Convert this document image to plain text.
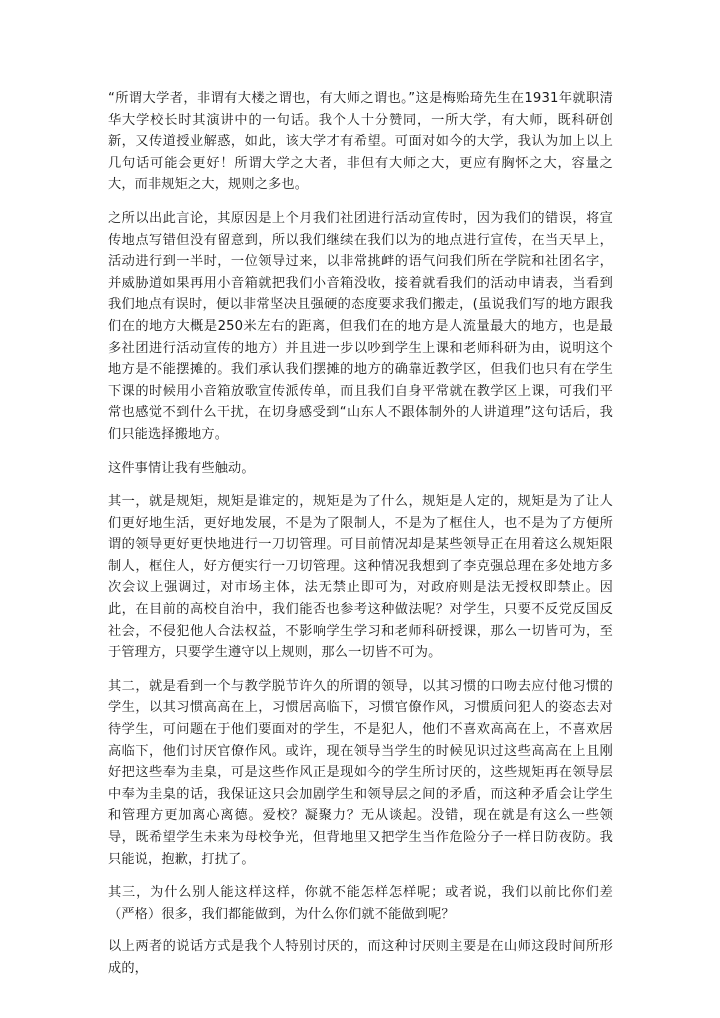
“所谓大学者，非谓有大楼之谓也，有大师之谓也。”这是梅贻琦先生在1931年就职清华大学校长时其演讲中的一句话。我个人十分赞同，一所大学，有大师，既科研创新，又传道授业解惑，如此，该大学才有希望。可面对如今的大学，我认为加上以上几句话可能会更好！所谓大学之大者，非但有大师之大，更应有胸怀之大，容量之大，而非规矩之大，规则之多也。

之所以出此言论，其原因是上个月我们社团进行活动宣传时，因为我们的错误，将宣传地点写错但没有留意到，所以我们继续在我们以为的地点进行宣传，在当天早上，活动进行到一半时，一位领导过来，以非常挑衅的语气问我们所在学院和社团名字，并威胁道如果再用小音箱就把我们小音箱没收，接着就看我们的活动申请表，当看到我们地点有误时，便以非常坚决且强硬的态度要求我们搬走，(虽说我们写的地方跟我们在的地方大概是250米左右的距离，但我们在的地方是人流量最大的地方，也是最多社团进行活动宣传的地方）并且进一步以吵到学生上课和老师科研为由，说明这个地方是不能摆摊的。我们承认我们摆摊的地方的确靠近教学区，但我们也只有在学生下课的时候用小音箱放歌宣传派传单，而且我们自身平常就在教学区上课，可我们平常也感觉不到什么干扰，在切身感受到“山东人不跟体制外的人讲道理”这句话后，我们只能选择搬地方。

这件事情让我有些触动。

其一，就是规矩，规矩是谁定的，规矩是为了什么，规矩是人定的，规矩是为了让人们更好地生活，更好地发展，不是为了限制人，不是为了框住人，也不是为了方便所谓的领导更好更快地进行一刀切管理。可目前情况却是某些领导正在用着这么规矩限制人，框住人，好方便实行一刀切管理。这种情况我想到了李克强总理在多处地方多次会议上强调过，对市场主体，法无禁止即可为，对政府则是法无授权即禁止。因此，在目前的高校自治中，我们能否也参考这种做法呢？对学生，只要不反党反国反社会，不侵犯他人合法权益，不影响学生学习和老师科研授课，那么一切皆可为，至于管理方，只要学生遵守以上规则，那么一切皆不可为。

其二，就是看到一个与教学脱节许久的所谓的领导，以其习惯的口吻去应付他习惯的学生，以其习惯高高在上，习惯居高临下，习惯官僚作风，习惯质问犯人的姿态去对待学生，可问题在于他们要面对的学生，不是犯人，他们不喜欢高高在上，不喜欢居高临下，他们讨厌官僚作风。或许，现在领导当学生的时候见识过这些高高在上且刚好把这些奉为圭臬，可是这些作风正是现如今的学生所讨厌的，这些规矩再在领导层中奉为圭臬的话，我保证这只会加剧学生和领导层之间的矛盾，而这种矛盾会让学生和管理方更加离心离德。爱校？凝聚力？无从谈起。没错，现在就是有这么一些领导，既希望学生未来为母校争光，但背地里又把学生当作危险分子一样日防夜防。我只能说，抱歉，打扰了。

其三，为什么别人能这样这样，你就不能怎样怎样呢；或者说，我们以前比你们差（严格）很多，我们都能做到，为什么你们就不能做到呢？

以上两者的说话方式是我个人特别讨厌的，而这种讨厌则主要是在山师这段时间所形成的，
